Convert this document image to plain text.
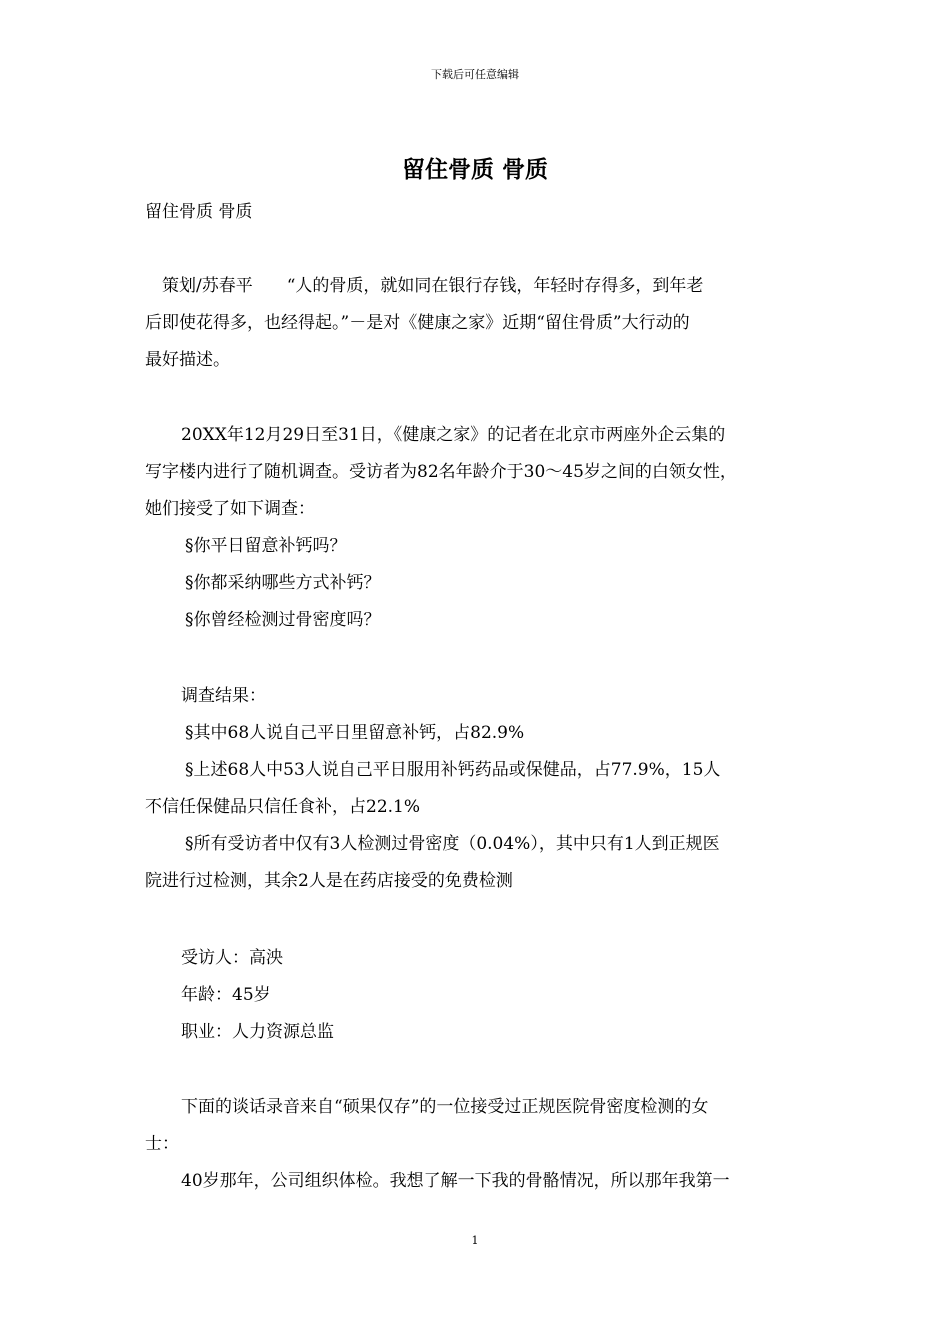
下载后可任意编辑
留住骨质 骨质
留住骨质 骨质
　策划/苏春平　　“人的骨质，就如同在银行存钱，年轻时存得多，到年老
后即使花得多，也经得起。”－是对《健康之家》近期“留住骨质”大行动的
最好描述。
20XX年12月29日至31日，《健康之家》的记者在北京市两座外企云集的
写字楼内进行了随机调查。受访者为82名年龄介于30～45岁之间的白领女性，
她们接受了如下调查：
§你平日留意补钙吗？
§你都采纳哪些方式补钙？
§你曾经检测过骨密度吗？
调查结果：
§其中68人说自己平日里留意补钙，占82.9%
§上述68人中53人说自己平日服用补钙药品或保健品，占77.9%，15人
不信任保健品只信任食补，占22.1%
§所有受访者中仅有3人检测过骨密度（0.04%），其中只有1人到正规医
院进行过检测，其余2人是在药店接受的免费检测
受访人：高泱
年龄：45岁
职业：人力资源总监
下面的谈话录音来自“硕果仅存”的一位接受过正规医院骨密度检测的女
士：
40岁那年，公司组织体检。我想了解一下我的骨骼情况，所以那年我第一
1
